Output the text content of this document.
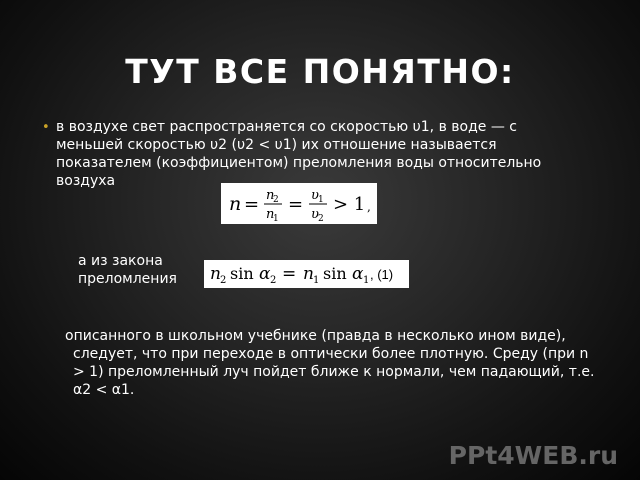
ТУТ ВСЕ ПОНЯТНО:
• в воздухе свет распространяется со скоростью υ1, в воде — с меньшей скоростью υ2 (υ2 < υ1) их отношение называется показателем (коэффициентом) преломления воды относительно воздуха

n = n
2
n
1
= υ 1
υ 2
> 1 ,
а из закона преломления	n 2 sin α 2 = n 1 sin α 1 , (1)
описанного в школьном учебнике (правда в несколько ином виде), следует, что при переходе в оптически более плотную. Среду (при n > 1) преломленный луч пойдет ближе к нормали, чем падающий, т.е. α2 < α1.
PPt4WEB.ru
